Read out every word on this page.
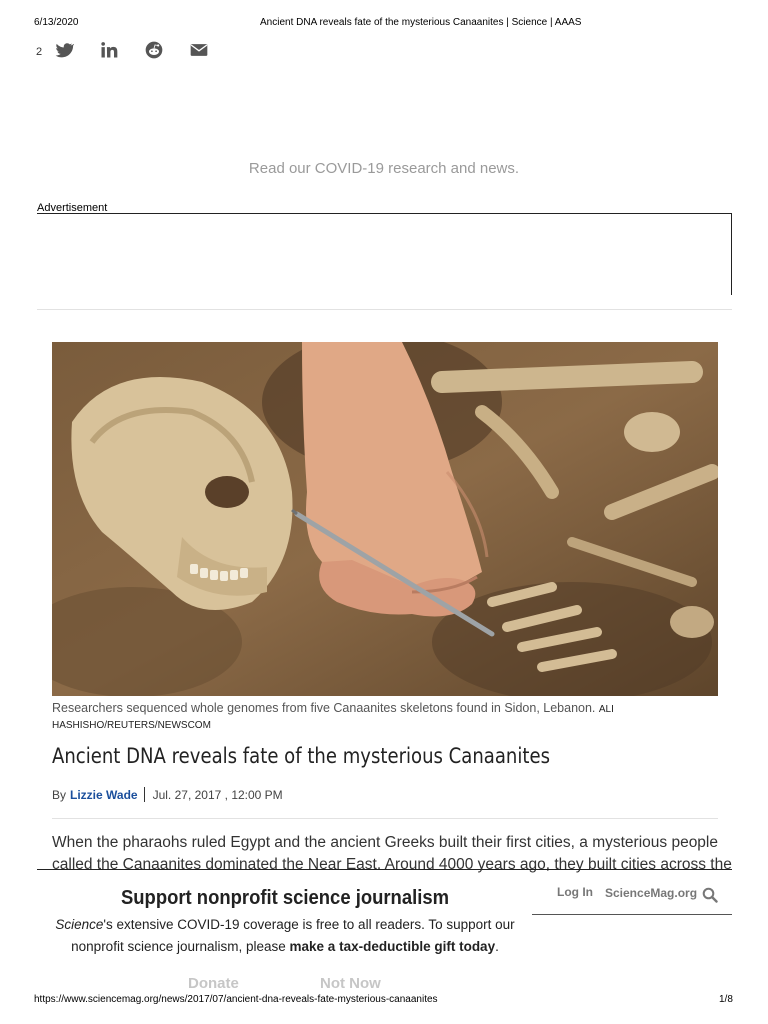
6/13/2020	Ancient DNA reveals fate of the mysterious Canaanites | Science | AAAS
2
Read our COVID-19 research and news.
Advertisement
Researchers sequenced whole genomes from five Canaanites skeletons found in Sidon, Lebanon. ALI HASHISHO/REUTERS/NEWSCOM
Ancient DNA reveals fate of the mysterious Canaanites
By Lizzie Wade Jul. 27, 2017 , 12:00 PM
When the pharaohs ruled Egypt and the ancient Greeks built their first cities, a mysterious people
called the Canaanites dominated the Near East. Around 4000 years ago, they built cities across the
Support nonprofit science journalism
Science's extensive COVID-19 coverage is free to all readers. To support our nonprofit science journalism, please make a tax-deductible gift today.
Log In ScienceMag.org
Donate	Not Now
https://www.sciencemag.org/news/2017/07/ancient-dna-reveals-fate-mysterious-canaanites	1/8
